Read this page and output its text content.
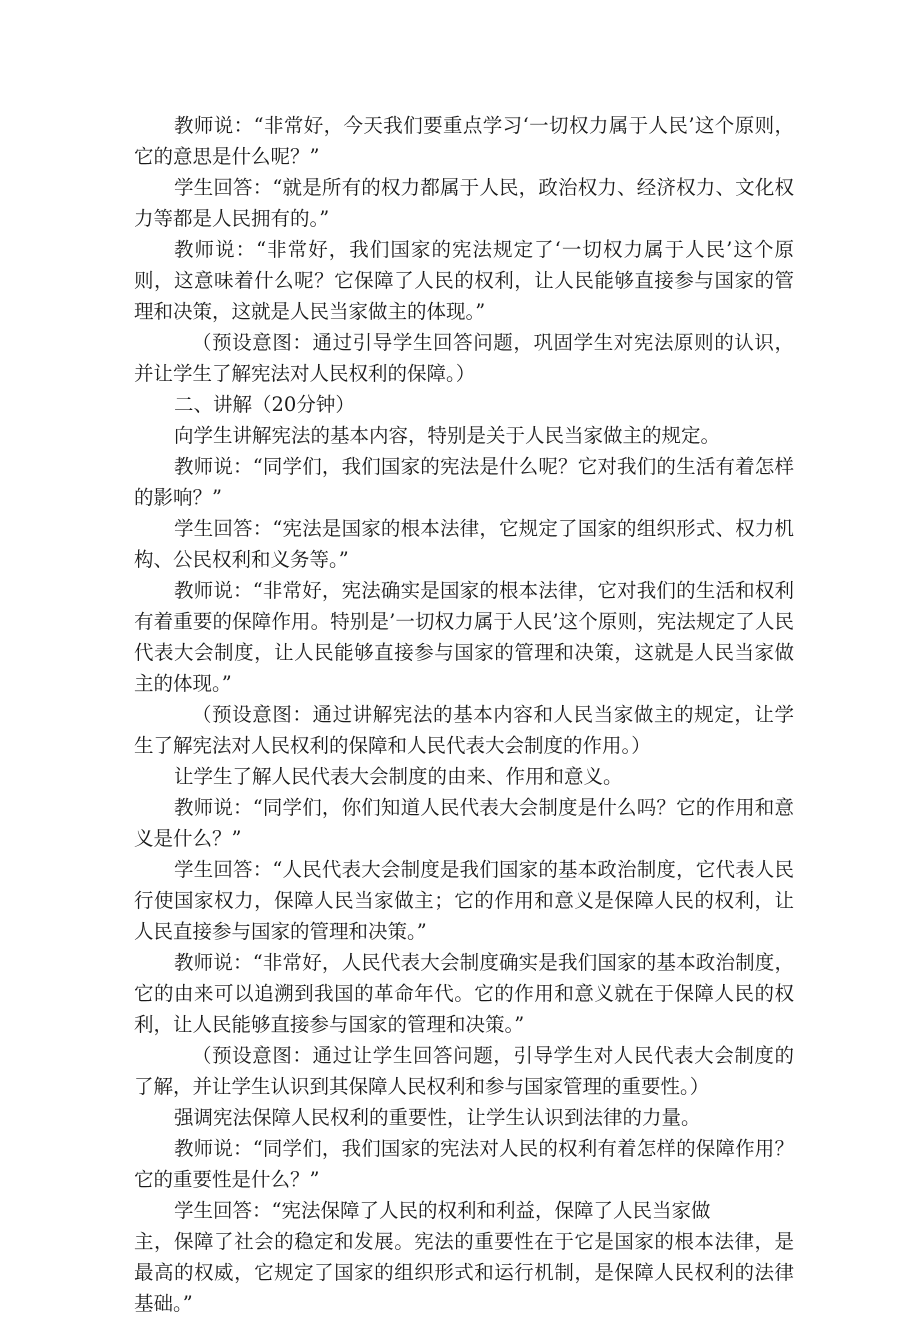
教师说：“非常好，今天我们要重点学习‘一切权力属于人民’这个原则，它的意思是什么呢？”

学生回答：“就是所有的权力都属于人民，政治权力、经济权力、文化权力等都是人民拥有的。”

教师说：“非常好，我们国家的宪法规定了‘一切权力属于人民’这个原则，这意味着什么呢？它保障了人民的权利，让人民能够直接参与国家的管理和决策，这就是人民当家做主的体现。”

（预设意图：通过引导学生回答问题，巩固学生对宪法原则的认识，并让学生了解宪法对人民权利的保障。）

二、讲解（20分钟）

向学生讲解宪法的基本内容，特别是关于人民当家做主的规定。

教师说：“同学们，我们国家的宪法是什么呢？它对我们的生活有着怎样的影响？”

学生回答：“宪法是国家的根本法律，它规定了国家的组织形式、权力机构、公民权利和义务等。”

教师说：“非常好，宪法确实是国家的根本法律，它对我们的生活和权利有着重要的保障作用。特别是’一切权力属于人民’这个原则，宪法规定了人民代表大会制度，让人民能够直接参与国家的管理和决策，这就是人民当家做主的体现。”

（预设意图：通过讲解宪法的基本内容和人民当家做主的规定，让学生了解宪法对人民权利的保障和人民代表大会制度的作用。）

让学生了解人民代表大会制度的由来、作用和意义。

教师说：“同学们，你们知道人民代表大会制度是什么吗？它的作用和意义是什么？”

学生回答：“人民代表大会制度是我们国家的基本政治制度，它代表人民行使国家权力，保障人民当家做主；它的作用和意义是保障人民的权利，让人民直接参与国家的管理和决策。”

教师说：“非常好，人民代表大会制度确实是我们国家的基本政治制度，它的由来可以追溯到我国的革命年代。它的作用和意义就在于保障人民的权利，让人民能够直接参与国家的管理和决策。”

（预设意图：通过让学生回答问题，引导学生对人民代表大会制度的了解，并让学生认识到其保障人民权利和参与国家管理的重要性。）

强调宪法保障人民权利的重要性，让学生认识到法律的力量。

教师说：“同学们，我们国家的宪法对人民的权利有着怎样的保障作用？它的重要性是什么？”

学生回答：“宪法保障了人民的权利和利益，保障了人民当家做

主，保障了社会的稳定和发展。宪法的重要性在于它是国家的根本法律，是最高的权威，它规定了国家的组织形式和运行机制，是保障人民权利的法律基础。”
